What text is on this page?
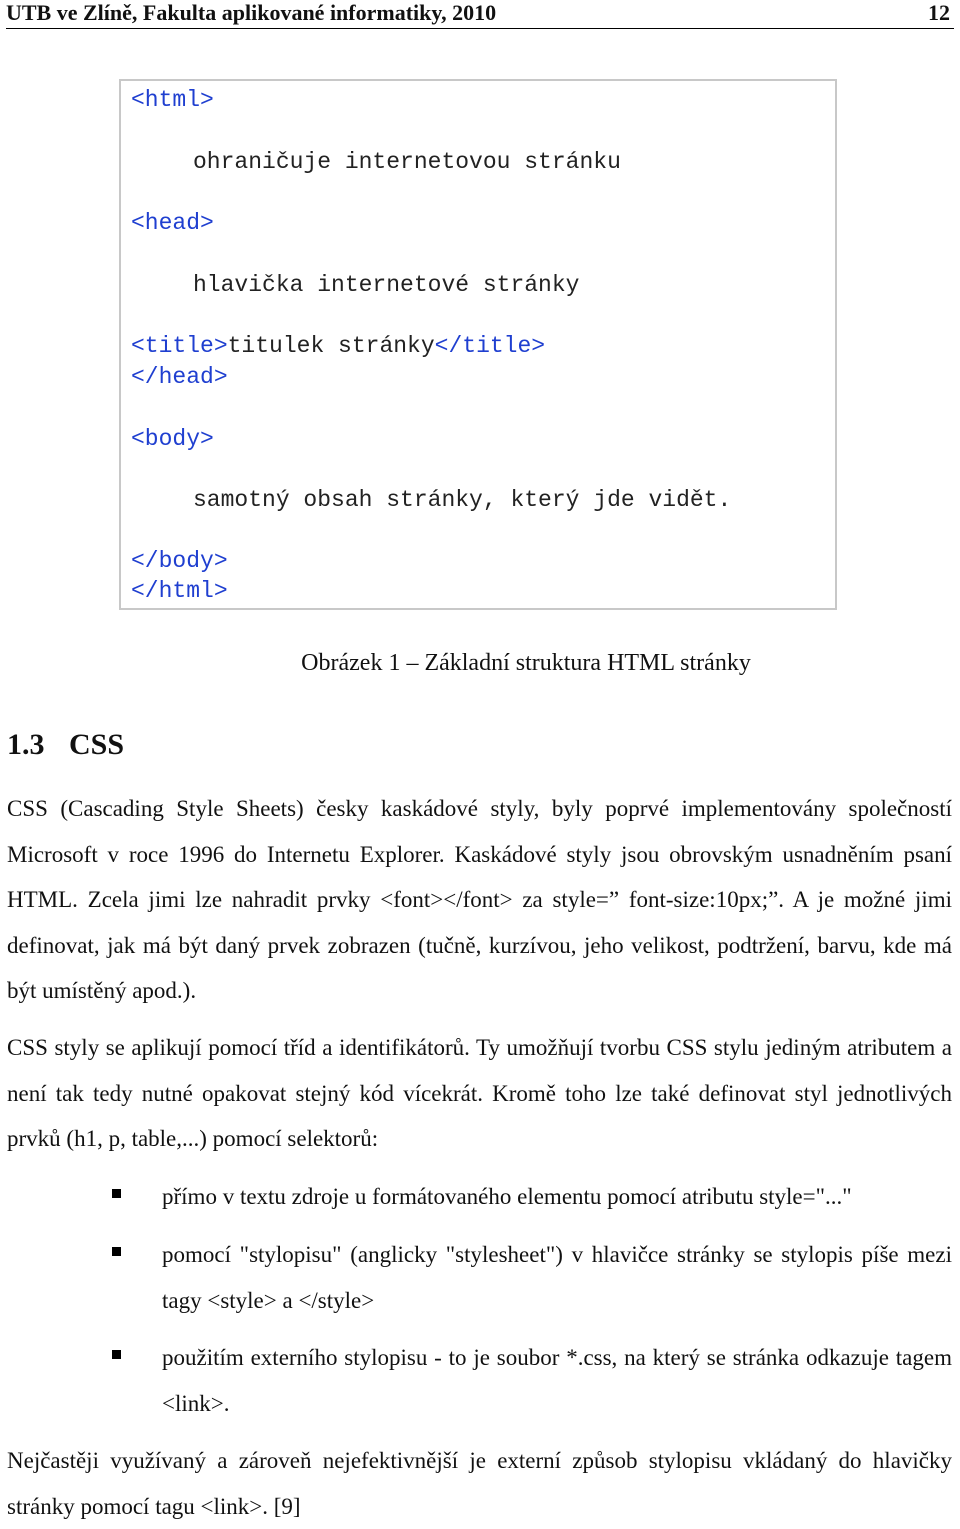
UTB ve Zlíně, Fakulta aplikované informatiky, 2010	12
<html>
ohraničuje internetovou stránku
<head>
hlavička internetové stránky
<title>titulek stránky</title>
</head>
<body>
samotný obsah stránky, který jde vidět.
</body>
</html>
Obrázek 1 – Základní struktura HTML stránky
1.3 CSS
CSS (Cascading Style Sheets) česky kaskádové styly, byly poprvé implementovány společností Microsoft v roce 1996 do Internetu Explorer. Kaskádové styly jsou obrovským usnadněním psaní HTML. Zcela jimi lze nahradit prvky <font></font> za style=” font-size:10px;”. A je možné jimi definovat, jak má být daný prvek zobrazen (tučně, kurzívou, jeho velikost, podtržení, barvu, kde má být umístěný apod.).
CSS styly se aplikují pomocí tříd a identifikátorů. Ty umožňují tvorbu CSS stylu jediným atributem a není tak tedy nutné opakovat stejný kód vícekrát. Kromě toho lze také definovat styl jednotlivých prvků (h1, p, table,...) pomocí selektorů:
přímo v textu zdroje u formátovaného elementu pomocí atributu style="..."
pomocí "stylopisu" (anglicky "stylesheet") v hlavičce stránky se stylopis píše mezi tagy <style> a </style>
použitím externího stylopisu - to je soubor *.css, na který se stránka odkazuje tagem <link>.
Nejčastěji využívaný a zároveň nejefektivnější je externí způsob stylopisu vkládaný do hlavičky stránky pomocí tagu <link>. [9]
